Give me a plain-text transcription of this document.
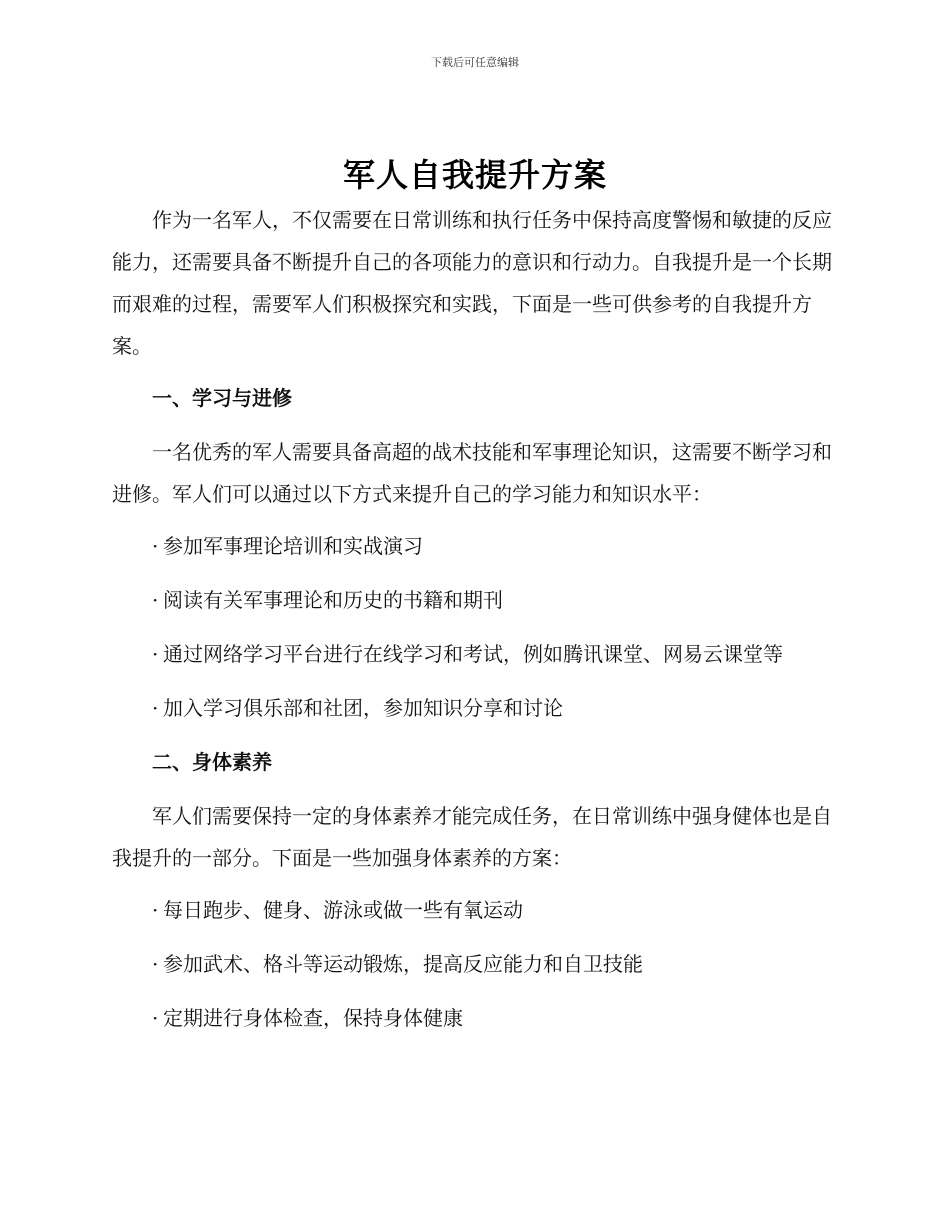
下载后可任意编辑
军人自我提升方案

作为一名军人，不仅需要在日常训练和执行任务中保持高度警惕和敏捷的反应能力，还需要具备不断提升自己的各项能力的意识和行动力。自我提升是一个长期而艰难的过程，需要军人们积极探究和实践，下面是一些可供参考的自我提升方案。

一、学习与进修

一名优秀的军人需要具备高超的战术技能和军事理论知识，这需要不断学习和进修。军人们可以通过以下方式来提升自己的学习能力和知识水平：

· 参加军事理论培训和实战演习

· 阅读有关军事理论和历史的书籍和期刊

· 通过网络学习平台进行在线学习和考试，例如腾讯课堂、网易云课堂等

· 加入学习俱乐部和社团，参加知识分享和讨论

二、身体素养

军人们需要保持一定的身体素养才能完成任务，在日常训练中强身健体也是自我提升的一部分。下面是一些加强身体素养的方案：

· 每日跑步、健身、游泳或做一些有氧运动

· 参加武术、格斗等运动锻炼，提高反应能力和自卫技能

· 定期进行身体检查，保持身体健康
